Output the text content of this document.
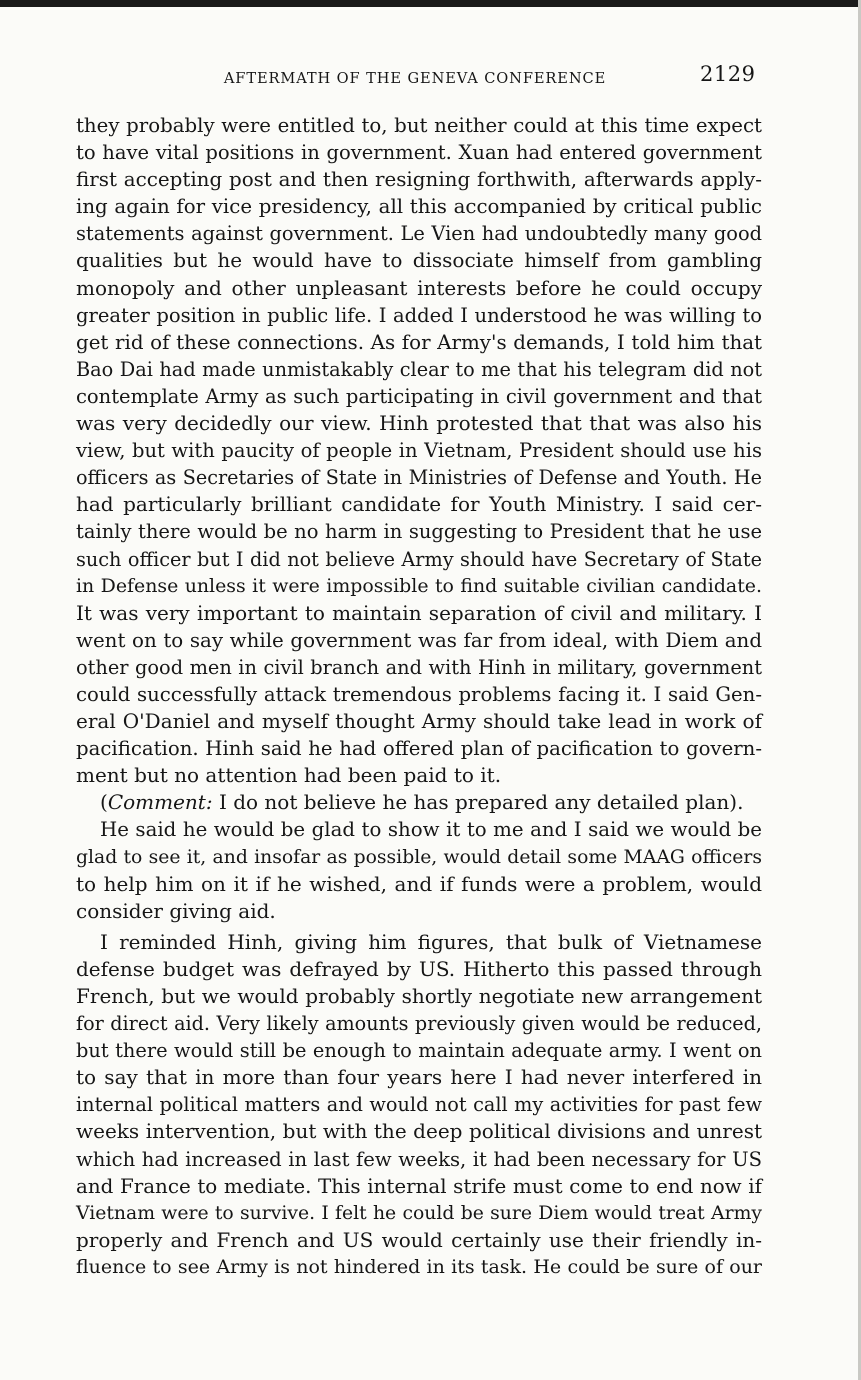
AFTERMATH OF THE GENEVA CONFERENCE	2129
they probably were entitled to, but neither could at this time expect
to have vital positions in government. Xuan had entered government
first accepting post and then resigning forthwith, afterwards apply-
ing again for vice presidency, all this accompanied by critical public
statements against government. Le Vien had undoubtedly many good
qualities but he would have to dissociate himself from gambling
monopoly and other unpleasant interests before he could occupy
greater position in public life. I added I understood he was willing to
get rid of these connections. As for Army's demands, I told him that
Bao Dai had made unmistakably clear to me that his telegram did not
contemplate Army as such participating in civil government and that
was very decidedly our view. Hinh protested that that was also his
view, but with paucity of people in Vietnam, President should use his
officers as Secretaries of State in Ministries of Defense and Youth. He
had particularly brilliant candidate for Youth Ministry. I said cer-
tainly there would be no harm in suggesting to President that he use
such officer but I did not believe Army should have Secretary of State
in Defense unless it were impossible to find suitable civilian candidate.
It was very important to maintain separation of civil and military. I
went on to say while government was far from ideal, with Diem and
other good men in civil branch and with Hinh in military, government
could successfully attack tremendous problems facing it. I said Gen-
eral O'Daniel and myself thought Army should take lead in work of
pacification. Hinh said he had offered plan of pacification to govern-
ment but no attention had been paid to it.
(Comment: I do not believe he has prepared any detailed plan).
He said he would be glad to show it to me and I said we would be
glad to see it, and insofar as possible, would detail some MAAG officers
to help him on it if he wished, and if funds were a problem, would
consider giving aid.
I reminded Hinh, giving him figures, that bulk of Vietnamese
defense budget was defrayed by US. Hitherto this passed through
French, but we would probably shortly negotiate new arrangement
for direct aid. Very likely amounts previously given would be reduced,
but there would still be enough to maintain adequate army. I went on
to say that in more than four years here I had never interfered in
internal political matters and would not call my activities for past few
weeks intervention, but with the deep political divisions and unrest
which had increased in last few weeks, it had been necessary for US
and France to mediate. This internal strife must come to end now if
Vietnam were to survive. I felt he could be sure Diem would treat Army
properly and French and US would certainly use their friendly in-
fluence to see Army is not hindered in its task. He could be sure of our
